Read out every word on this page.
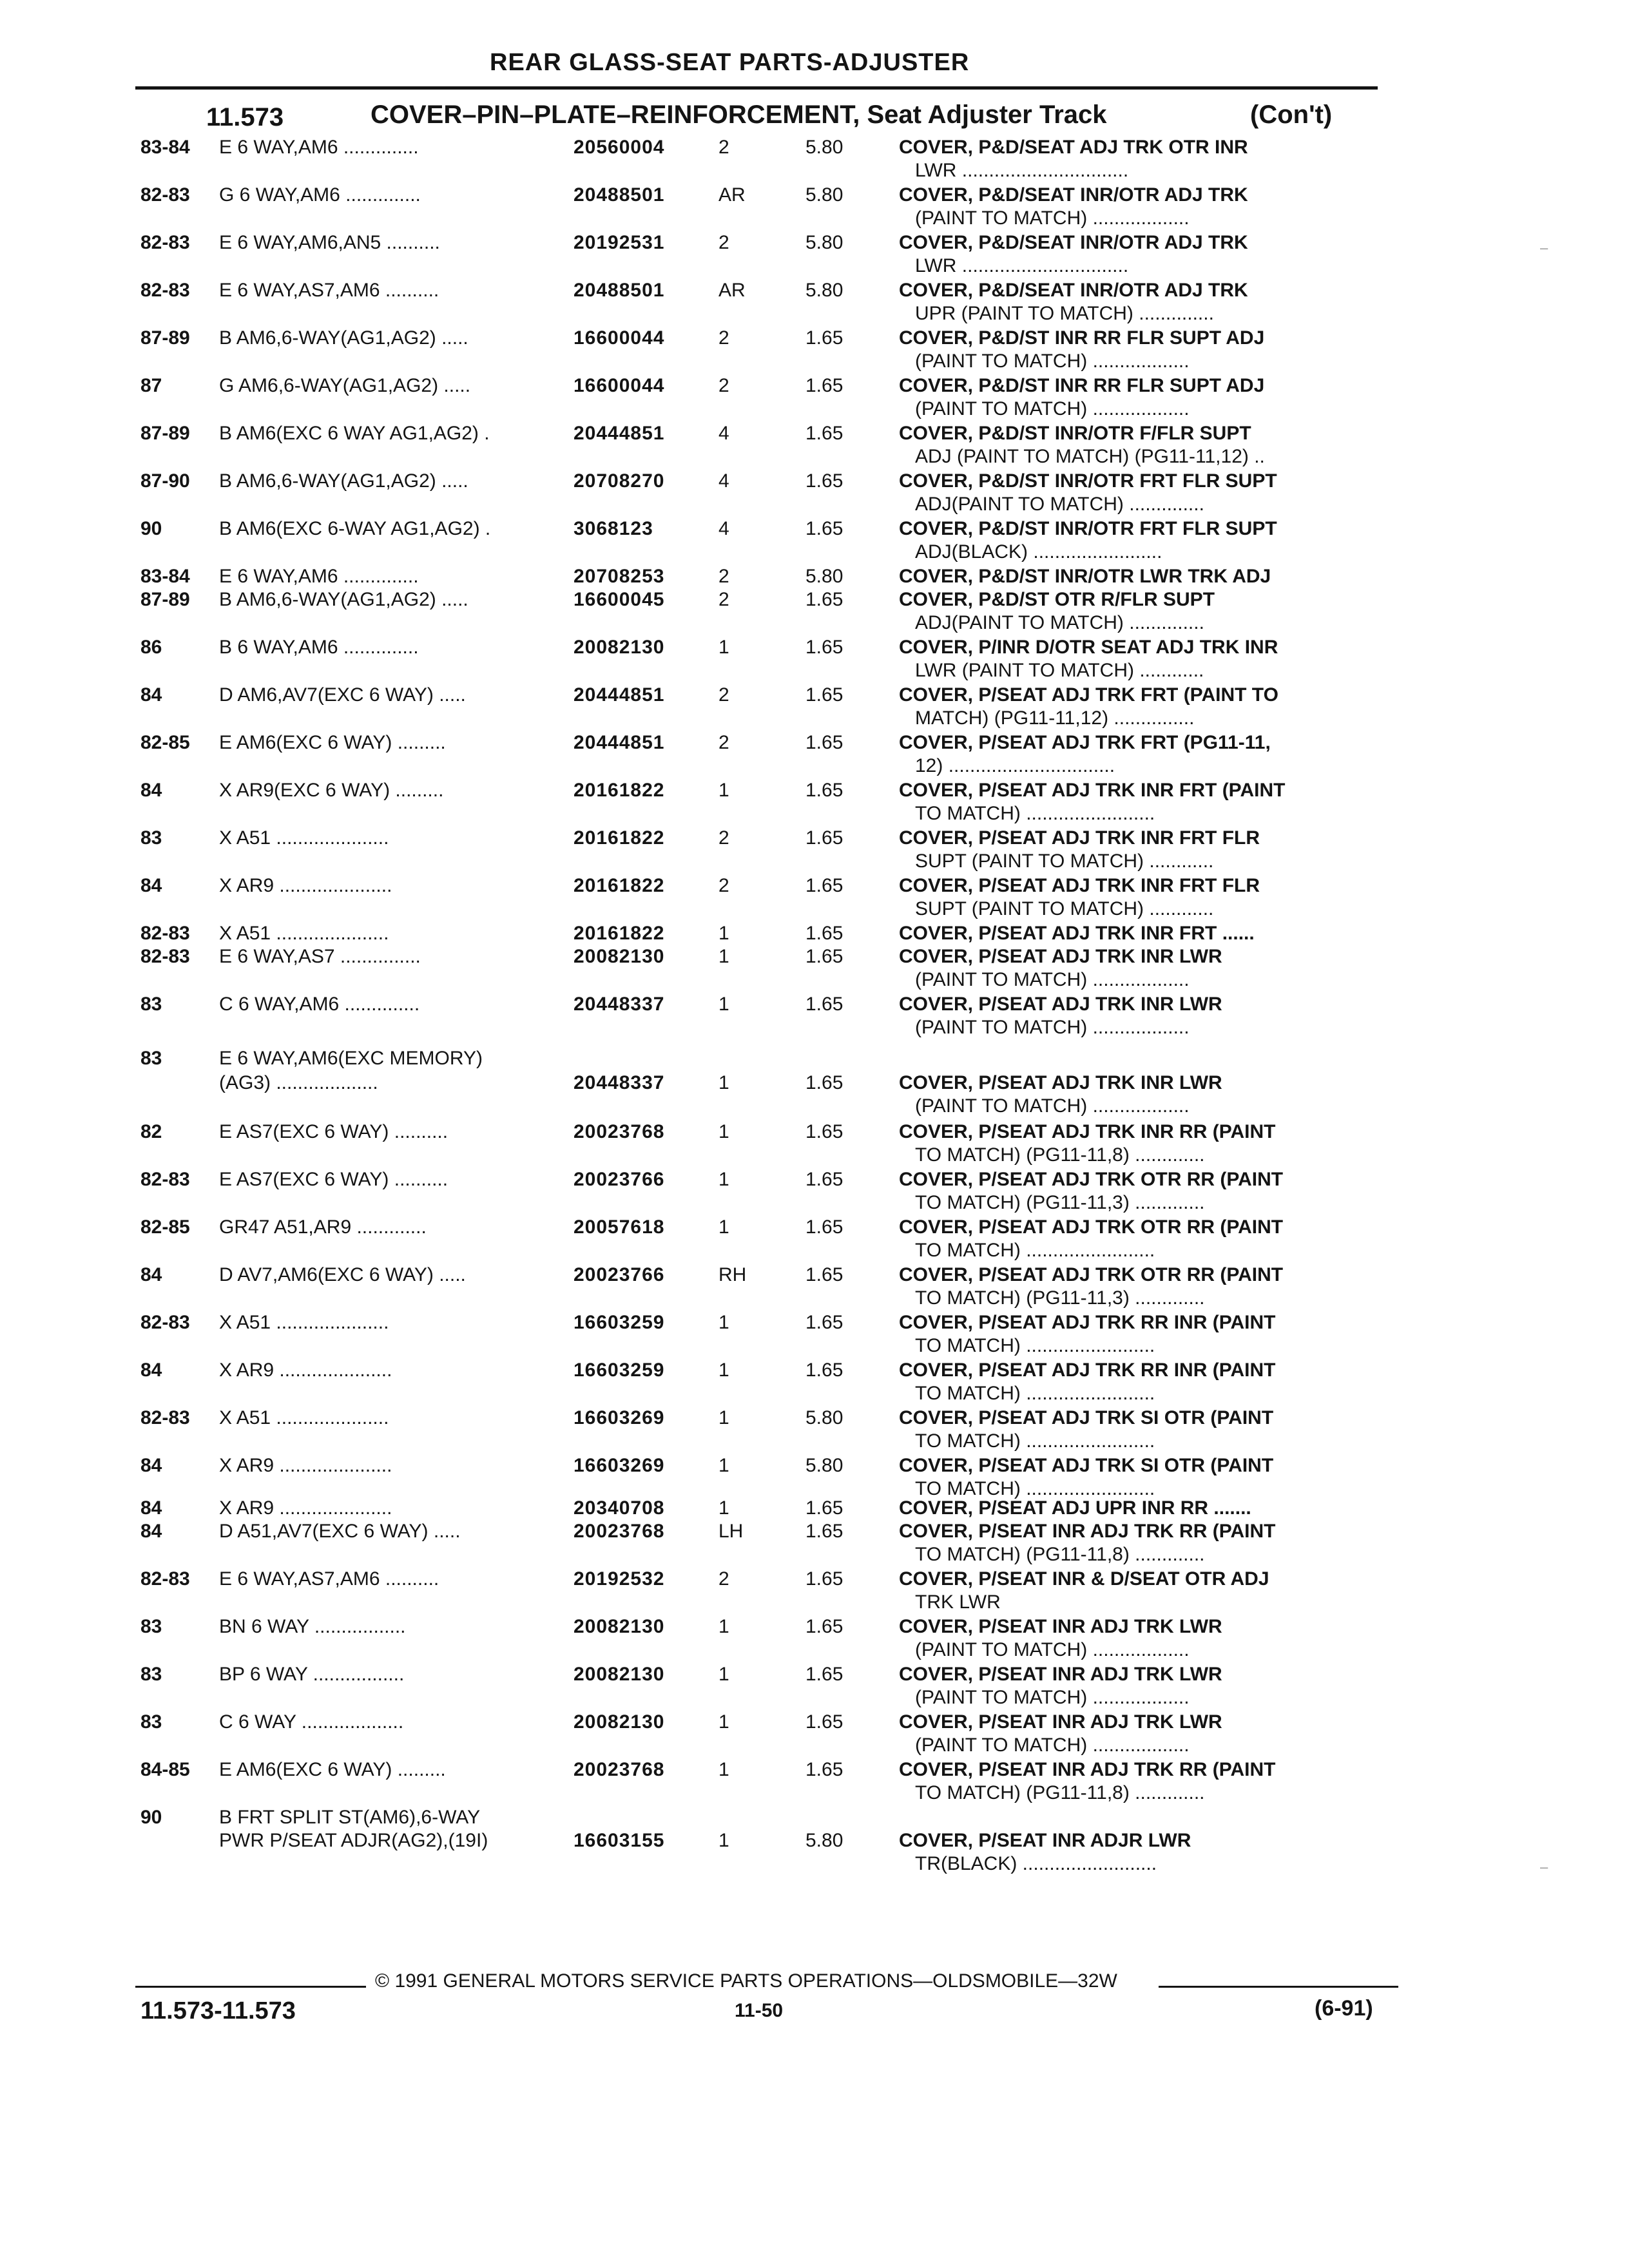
REAR GLASS-SEAT PARTS-ADJUSTER
11.573	COVER–PIN–PLATE–REINFORCEMENT, Seat Adjuster Track	(Con't)
83-84 E 6 WAY,AM6 ..............	20560004	2	5.80	COVER, P&D/SEAT ADJ TRK OTR INR
LWR ...............................
82-83 G 6 WAY,AM6 ..............	20488501	AR	5.80	COVER, P&D/SEAT INR/OTR ADJ TRK
(PAINT TO MATCH) ..................
82-83 E 6 WAY,AM6,AN5 ..........	20192531	2	5.80	COVER, P&D/SEAT INR/OTR ADJ TRK
LWR ...............................
82-83 E 6 WAY,AS7,AM6 ..........	20488501	AR	5.80	COVER, P&D/SEAT INR/OTR ADJ TRK
UPR (PAINT TO MATCH) ..............
87-89 B AM6,6-WAY(AG1,AG2) .....	16600044	2	1.65	COVER, P&D/ST INR RR FLR SUPT ADJ
(PAINT TO MATCH) ..................
87	G AM6,6-WAY(AG1,AG2) .....	16600044	2	1.65	COVER, P&D/ST INR RR FLR SUPT ADJ
(PAINT TO MATCH) ..................
87-89 B AM6(EXC 6 WAY AG1,AG2) .	20444851	4	1.65	COVER, P&D/ST INR/OTR F/FLR SUPT
ADJ (PAINT TO MATCH) (PG11-11,12) ..
87-90 B AM6,6-WAY(AG1,AG2) .....	20708270	4	1.65	COVER, P&D/ST INR/OTR FRT FLR SUPT
ADJ(PAINT TO MATCH) ..............
90	B AM6(EXC 6-WAY AG1,AG2) .	3068123	4	1.65	COVER, P&D/ST INR/OTR FRT FLR SUPT
ADJ(BLACK) ........................
83-84 E 6 WAY,AM6 ..............	20708253	2	5.80	COVER, P&D/ST INR/OTR LWR TRK ADJ
87-89 B AM6,6-WAY(AG1,AG2) .....	16600045	2	1.65	COVER, P&D/ST OTR R/FLR SUPT
ADJ(PAINT TO MATCH) ..............
86	B 6 WAY,AM6 ..............	20082130	1	1.65	COVER, P/INR D/OTR SEAT ADJ TRK INR
LWR (PAINT TO MATCH) ............
84	D AM6,AV7(EXC 6 WAY) .....	20444851	2	1.65	COVER, P/SEAT ADJ TRK FRT (PAINT TO
MATCH) (PG11-11,12) ...............
82-85 E AM6(EXC 6 WAY) .........	20444851	2	1.65	COVER, P/SEAT ADJ TRK FRT (PG11-11,
12) ...............................
84	X AR9(EXC 6 WAY) .........	20161822	1	1.65	COVER, P/SEAT ADJ TRK INR FRT (PAINT
TO MATCH) ........................
83	X A51 .....................	20161822	2	1.65	COVER, P/SEAT ADJ TRK INR FRT FLR
SUPT (PAINT TO MATCH) ............
84	X AR9 .....................	20161822	2	1.65	COVER, P/SEAT ADJ TRK INR FRT FLR
SUPT (PAINT TO MATCH) ............
82-83 X A51 .....................	20161822	1	1.65	COVER, P/SEAT ADJ TRK INR FRT ......
82-83 E 6 WAY,AS7 ...............	20082130	1	1.65	COVER, P/SEAT ADJ TRK INR LWR
(PAINT TO MATCH) ..................
83	C 6 WAY,AM6 ..............	20448337	1	1.65	COVER, P/SEAT ADJ TRK INR LWR
(PAINT TO MATCH) ..................
83	E 6 WAY,AM6(EXC MEMORY)
(AG3) ...................	20448337	1	1.65	COVER, P/SEAT ADJ TRK INR LWR
(PAINT TO MATCH) ..................
82	E AS7(EXC 6 WAY) ..........	20023768	1	1.65	COVER, P/SEAT ADJ TRK INR RR (PAINT
TO MATCH) (PG11-11,8) .............
82-83 E AS7(EXC 6 WAY) ..........	20023766	1	1.65	COVER, P/SEAT ADJ TRK OTR RR (PAINT
TO MATCH) (PG11-11,3) .............
82-85 GR47 A51,AR9 .............	20057618	1	1.65	COVER, P/SEAT ADJ TRK OTR RR (PAINT
TO MATCH) ........................
84	D AV7,AM6(EXC 6 WAY) .....	20023766	RH	1.65	COVER, P/SEAT ADJ TRK OTR RR (PAINT
TO MATCH) (PG11-11,3) .............
82-83 X A51 .....................	16603259	1	1.65	COVER, P/SEAT ADJ TRK RR INR (PAINT
TO MATCH) ........................
84	X AR9 .....................	16603259	1	1.65	COVER, P/SEAT ADJ TRK RR INR (PAINT
TO MATCH) ........................
82-83 X A51 .....................	16603269	1	5.80	COVER, P/SEAT ADJ TRK SI OTR (PAINT
TO MATCH) ........................
84	X AR9 .....................	16603269	1	5.80	COVER, P/SEAT ADJ TRK SI OTR (PAINT
TO MATCH) ........................
84	X AR9 .....................	20340708	1	1.65	COVER, P/SEAT ADJ UPR INR RR .......
84	D A51,AV7(EXC 6 WAY) .....	20023768	LH	1.65	COVER, P/SEAT INR ADJ TRK RR (PAINT
TO MATCH) (PG11-11,8) .............
82-83 E 6 WAY,AS7,AM6 ..........	20192532	2	1.65	COVER, P/SEAT INR & D/SEAT OTR ADJ
TRK LWR
83	BN 6 WAY .................	20082130	1	1.65	COVER, P/SEAT INR ADJ TRK LWR
(PAINT TO MATCH) ..................
83	BP 6 WAY .................	20082130	1	1.65	COVER, P/SEAT INR ADJ TRK LWR
(PAINT TO MATCH) ..................
83	C 6 WAY ...................	20082130	1	1.65	COVER, P/SEAT INR ADJ TRK LWR
(PAINT TO MATCH) ..................
84-85 E AM6(EXC 6 WAY) .........	20023768	1	1.65	COVER, P/SEAT INR ADJ TRK RR (PAINT
TO MATCH) (PG11-11,8) .............
90	B FRT SPLIT ST(AM6),6-WAY
PWR P/SEAT ADJR(AG2),(19I)	16603155	1	5.80	COVER, P/SEAT INR ADJR LWR
TR(BLACK) .........................
© 1991 GENERAL MOTORS SERVICE PARTS OPERATIONS—OLDSMOBILE—32W
11.573-11.573	11-50	(6-91)
–
–
